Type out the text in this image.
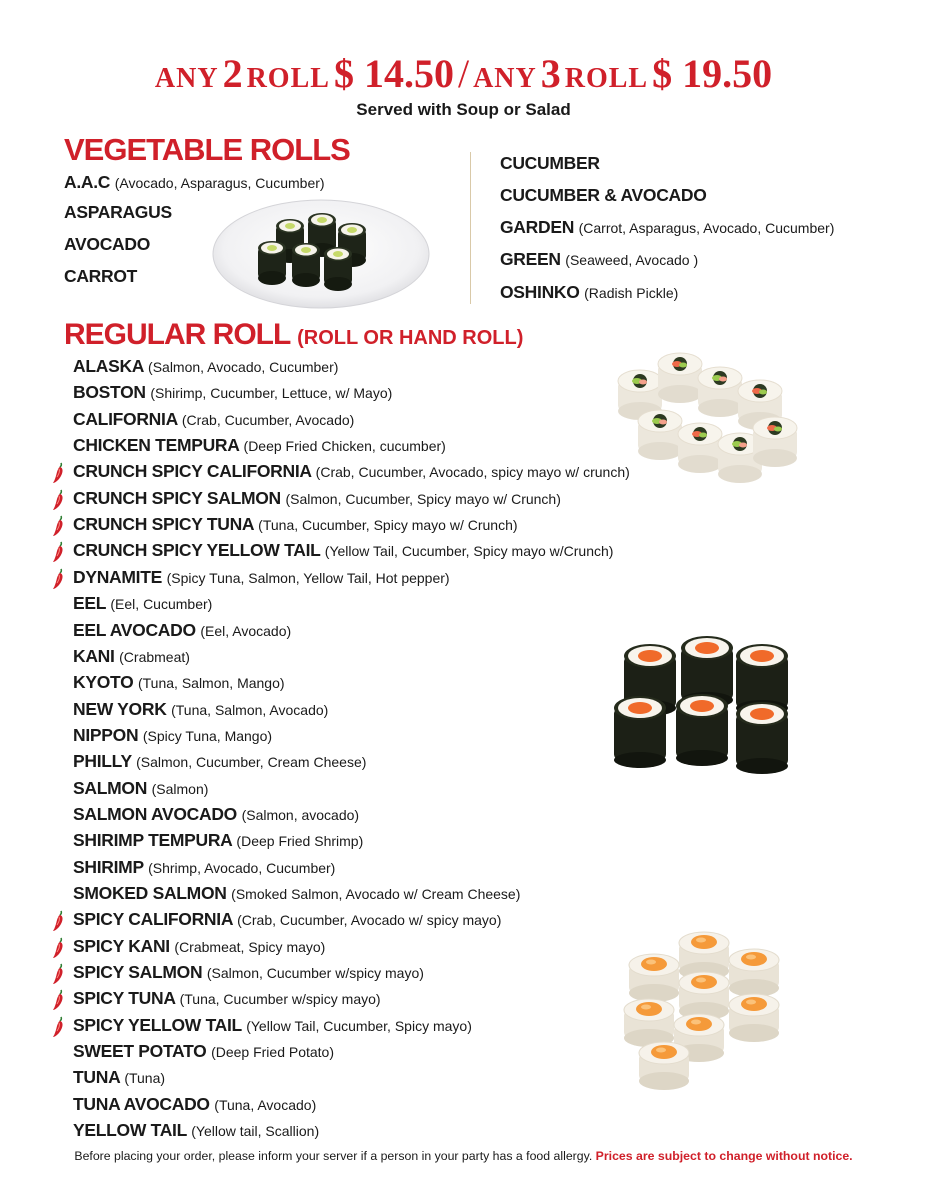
ANY 2 ROLL $ 14.50 / ANY 3 ROLL $ 19.50
Served with Soup or Salad
VEGETABLE ROLLS
A.A.C (Avocado, Asparagus, Cucumber)
ASPARAGUS
AVOCADO
CARROT
CUCUMBER
CUCUMBER & AVOCADO
GARDEN (Carrot, Asparagus, Avocado, Cucumber)
GREEN (Seaweed, Avocado )
OSHINKO (Radish Pickle)
REGULAR ROLL (ROLL OR HAND ROLL)
ALASKA (Salmon, Avocado, Cucumber)
BOSTON (Shirimp, Cucumber, Lettuce, w/ Mayo)
CALIFORNIA (Crab, Cucumber, Avocado)
CHICKEN TEMPURA (Deep Fried Chicken, cucumber)
CRUNCH SPICY CALIFORNIA (Crab, Cucumber, Avocado, spicy mayo w/ crunch)
CRUNCH SPICY SALMON (Salmon, Cucumber, Spicy mayo w/ Crunch)
CRUNCH SPICY TUNA (Tuna, Cucumber, Spicy mayo w/ Crunch)
CRUNCH SPICY YELLOW TAIL (Yellow Tail, Cucumber, Spicy mayo w/Crunch)
DYNAMITE (Spicy Tuna, Salmon, Yellow Tail, Hot pepper)
EEL (Eel, Cucumber)
EEL AVOCADO (Eel, Avocado)
KANI (Crabmeat)
KYOTO (Tuna, Salmon, Mango)
NEW YORK (Tuna, Salmon, Avocado)
NIPPON (Spicy Tuna, Mango)
PHILLY (Salmon, Cucumber, Cream Cheese)
SALMON (Salmon)
SALMON AVOCADO (Salmon, avocado)
SHIRIMP TEMPURA (Deep Fried Shrimp)
SHIRIMP (Shrimp, Avocado, Cucumber)
SMOKED SALMON (Smoked Salmon, Avocado w/ Cream Cheese)
SPICY CALIFORNIA (Crab, Cucumber, Avocado w/ spicy mayo)
SPICY KANI (Crabmeat, Spicy mayo)
SPICY SALMON (Salmon, Cucumber w/spicy mayo)
SPICY TUNA (Tuna, Cucumber w/spicy mayo)
SPICY YELLOW TAIL (Yellow Tail, Cucumber, Spicy mayo)
SWEET POTATO (Deep Fried Potato)
TUNA (Tuna)
TUNA AVOCADO (Tuna, Avocado)
YELLOW TAIL (Yellow tail, Scallion)
Before placing your order, please inform your server if a person in your party has a food allergy. Prices are subject to change without notice.
